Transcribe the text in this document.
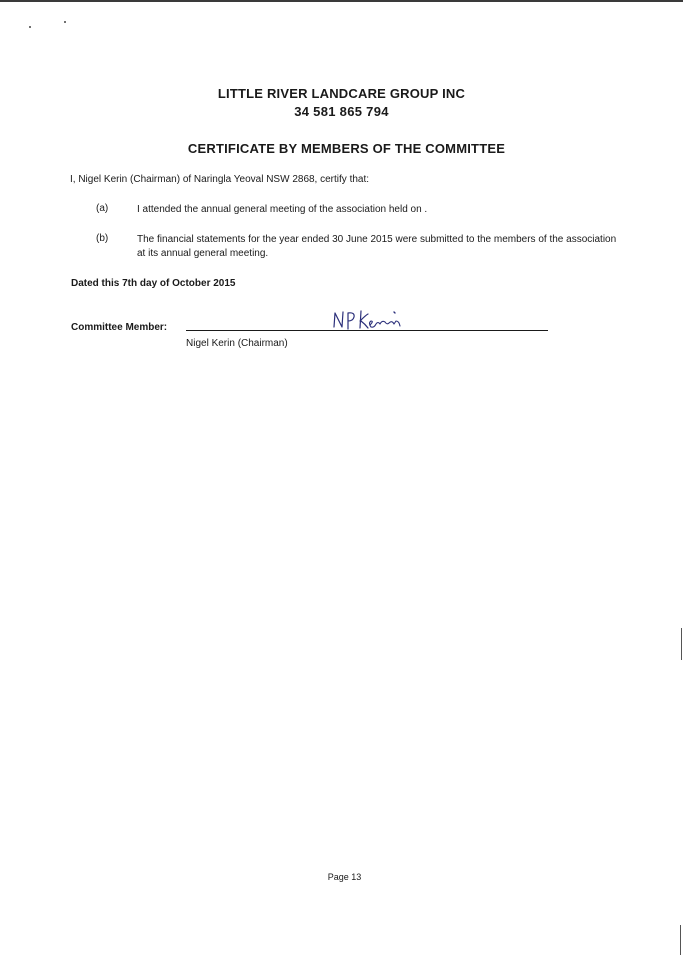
LITTLE RIVER LANDCARE GROUP INC
34 581 865 794
CERTIFICATE BY MEMBERS OF THE COMMITTEE
I, Nigel Kerin (Chairman) of Naringla Yeoval NSW 2868, certify that:
(a)	I attended the annual general meeting of the association held on .
(b)	The financial statements for the year ended 30 June 2015 were submitted to the members of the association at its annual general meeting.
Dated this 7th day of October 2015
Committee Member:
Nigel Kerin (Chairman)
Page 13
